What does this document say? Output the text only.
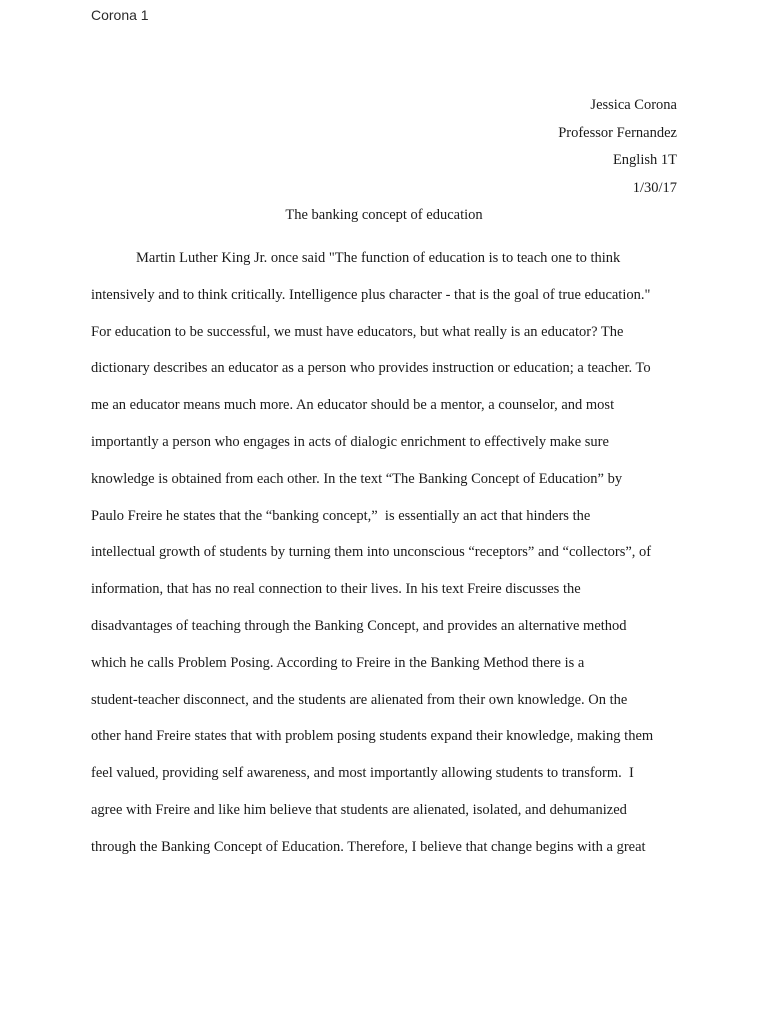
Corona 1
Jessica Corona
Professor Fernandez
English 1T
1/30/17
The banking concept of education
Martin Luther King Jr. once said "The function of education is to teach one to think
intensively and to think critically. Intelligence plus character - that is the goal of true education."
For education to be successful, we must have educators, but what really is an educator? The
dictionary describes an educator as a person who provides instruction or education; a teacher. To
me an educator means much more. An educator should be a mentor, a counselor, and most
importantly a person who engages in acts of dialogic enrichment to effectively make sure
knowledge is obtained from each other. In the text “The Banking Concept of Education” by
Paulo Freire he states that the “banking concept,”  is essentially an act that hinders the
intellectual growth of students by turning them into unconscious “receptors” and “collectors”, of
information, that has no real connection to their lives. In his text Freire discusses the
disadvantages of teaching through the Banking Concept, and provides an alternative method
which he calls Problem Posing. According to Freire in the Banking Method there is a
student-teacher disconnect, and the students are alienated from their own knowledge. On the
other hand Freire states that with problem posing students expand their knowledge, making them
feel valued, providing self awareness, and most importantly allowing students to transform.  I
agree with Freire and like him believe that students are alienated, isolated, and dehumanized
through the Banking Concept of Education. Therefore, I believe that change begins with a great
